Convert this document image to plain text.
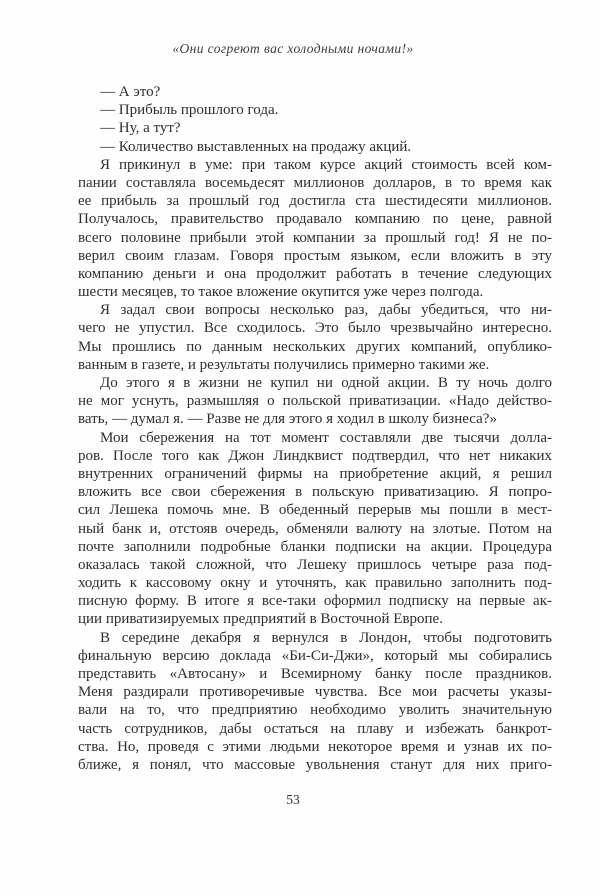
«Они согреют вас холодными ночами!»
— А это?
— Прибыль прошлого года.
— Ну, а тут?
— Количество выставленных на продажу акций.
Я прикинул в уме: при таком курсе акций стоимость всей ком-
пании составляла восемьдесят миллионов долларов, в то время как
ее прибыль за прошлый год достигла ста шестидесяти миллионов.
Получалось, правительство продавало компанию по цене, равной
всего половине прибыли этой компании за прошлый год! Я не по-
верил своим глазам. Говоря простым языком, если вложить в эту
компанию деньги и она продолжит работать в течение следующих
шести месяцев, то такое вложение окупится уже через полгода.
Я задал свои вопросы несколько раз, дабы убедиться, что ни-
чего не упустил. Все сходилось. Это было чрезвычайно интересно.
Мы прошлись по данным нескольких других компаний, опублико-
ванным в газете, и результаты получились примерно такими же.
До этого я в жизни не купил ни одной акции. В ту ночь долго
не мог уснуть, размышляя о польской приватизации. «Надо действо-
вать, — думал я. — Разве не для этого я ходил в школу бизнеса?»
Мои сбережения на тот момент составляли две тысячи долла-
ров. После того как Джон Линдквист подтвердил, что нет никаких
внутренних ограничений фирмы на приобретение акций, я решил
вложить все свои сбережения в польскую приватизацию. Я попро-
сил Лешека помочь мне. В обеденный перерыв мы пошли в мест-
ный банк и, отстояв очередь, обменяли валюту на злотые. Потом на
почте заполнили подробные бланки подписки на акции. Процедура
оказалась такой сложной, что Лешеку пришлось четыре раза под-
ходить к кассовому окну и уточнять, как правильно заполнить под-
писную форму. В итоге я все-таки оформил подписку на первые ак-
ции приватизируемых предприятий в Восточной Европе.
В середине декабря я вернулся в Лондон, чтобы подготовить
финальную версию доклада «Би-Си-Джи», который мы собирались
представить «Автосану» и Всемирному банку после праздников.
Меня раздирали противоречивые чувства. Все мои расчеты указы-
вали на то, что предприятию необходимо уволить значительную
часть сотрудников, дабы остаться на плаву и избежать банкрот-
ства. Но, проведя с этими людьми некоторое время и узнав их по-
ближе, я понял, что массовые увольнения станут для них приго-
53
